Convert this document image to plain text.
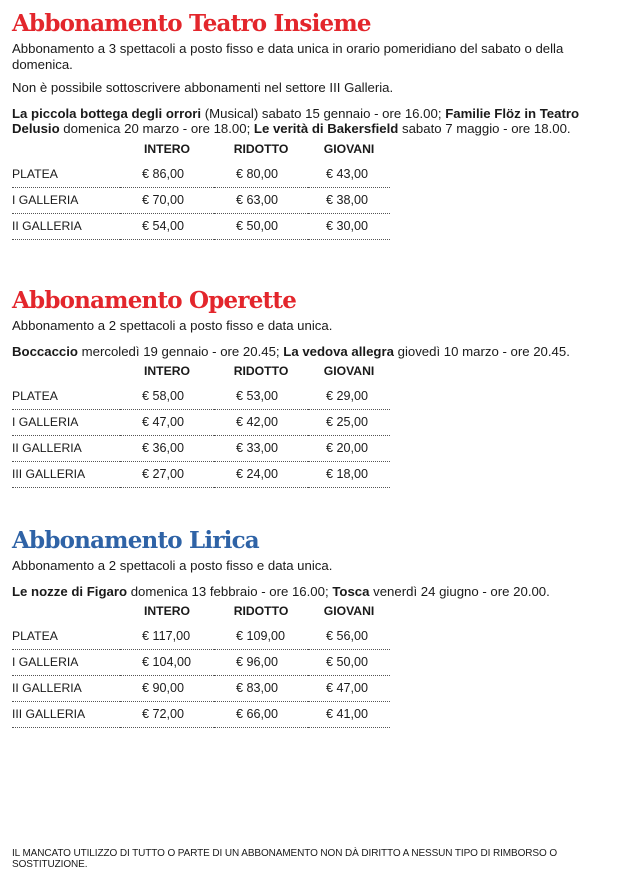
Abbonamento Teatro Insieme

Abbonamento a 3 spettacoli a posto fisso e data unica in orario pomeridiano del sabato o della domenica.

Non è possibile sottoscrivere abbonamenti nel settore III Galleria.

La piccola bottega degli orrori (Musical) sabato 15 gennaio - ore 16.00; Familie Flöz in Teatro Delusio domenica 20 marzo - ore 18.00; Le verità di Bakersfield sabato 7 maggio - ore 18.00.

	INTERO	RIDOTTO	GIOVANI
PLATEA	€ 86,00	€ 80,00	€ 43,00
I GALLERIA	€ 70,00	€ 63,00	€ 38,00
II GALLERIA	€ 54,00	€ 50,00	€ 30,00
Abbonamento Operette

Abbonamento a 2 spettacoli a posto fisso e data unica.

Boccaccio mercoledì 19 gennaio - ore 20.45; La vedova allegra giovedì 10 marzo - ore 20.45.

	INTERO	RIDOTTO	GIOVANI
PLATEA	€ 58,00	€ 53,00	€ 29,00
I GALLERIA	€ 47,00	€ 42,00	€ 25,00
II GALLERIA	€ 36,00	€ 33,00	€ 20,00
III GALLERIA	€ 27,00	€ 24,00	€ 18,00
Abbonamento Lirica

Abbonamento a 2 spettacoli a posto fisso e data unica.

Le nozze di Figaro domenica 13 febbraio - ore 16.00; Tosca venerdì 24 giugno - ore 20.00.

	INTERO	RIDOTTO	GIOVANI
PLATEA	€ 117,00	€ 109,00	€ 56,00
I GALLERIA	€ 104,00	€ 96,00	€ 50,00
II GALLERIA	€ 90,00	€ 83,00	€ 47,00
III GALLERIA	€ 72,00	€ 66,00	€ 41,00
IL MANCATO UTILIZZO DI TUTTO O PARTE DI UN ABBONAMENTO NON DÀ DIRITTO A NESSUN TIPO DI RIMBORSO O SOSTITUZIONE.
